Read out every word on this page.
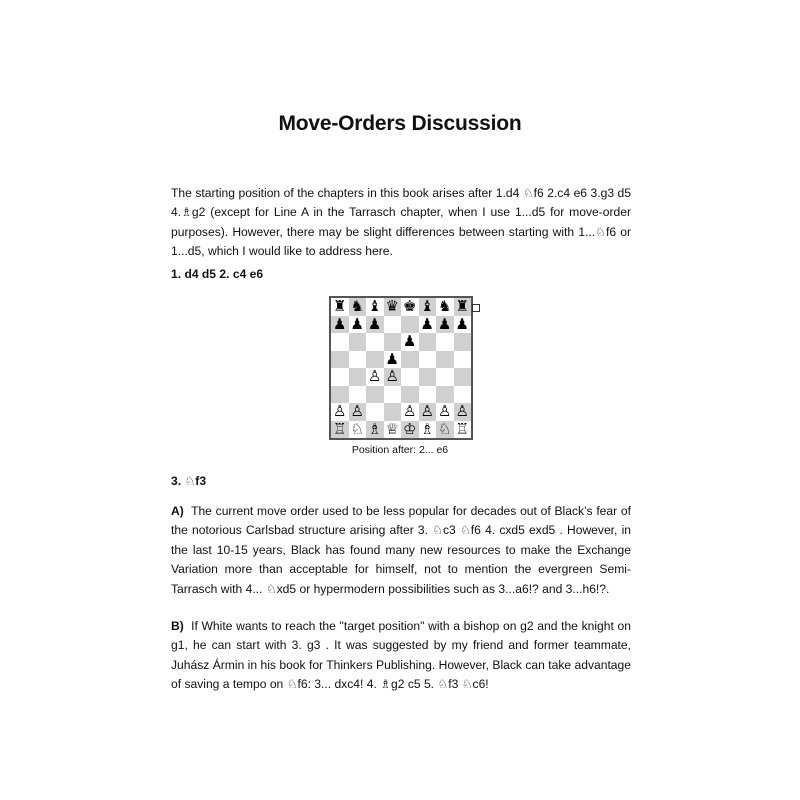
Move-Orders Discussion
The starting position of the chapters in this book arises after 1.d4 ♘f6 2.c4 e6 3.g3 d5 4.♗g2 (except for Line A in the Tarrasch chapter, when I use 1...d5 for move-order purposes). However, there may be slight differences between starting with 1...♘f6 or 1...d5, which I would like to address here.
1. d4 d5 2. c4 e6
♜ ♞ ♝ ♛ ♚ ♝ ♞ ♜
♟ ♟ ♟	♟ ♟ ♟
♟
♟
♙ ♙
♙ ♙	♙ ♙ ♙ ♙
♖ ♘ ♗ ♕ ♔ ♗ ♘ ♖
Position after: 2... e6
3. ♘f3
A) The current move order used to be less popular for decades out of Black’s fear of the notorious Carlsbad structure arising after 3. ♘c3 ♘f6 4. cxd5 exd5 . However, in the last 10-15 years, Black has found many new resources to make the Exchange Variation more than acceptable for himself, not to mention the evergreen Semi-Tarrasch with 4... ♘xd5 or hypermodern possibilities such as 3...a6!? and 3...h6!?.
B) If White wants to reach the "target position" with a bishop on g2 and the knight on g1, he can start with 3. g3 . It was suggested by my friend and former teammate, Juhász Ármin in his book for Thinkers Publishing. However, Black can take advantage of saving a tempo on ♘f6: 3... dxc4! 4. ♗g2 c5 5. ♘f3 ♘c6!
